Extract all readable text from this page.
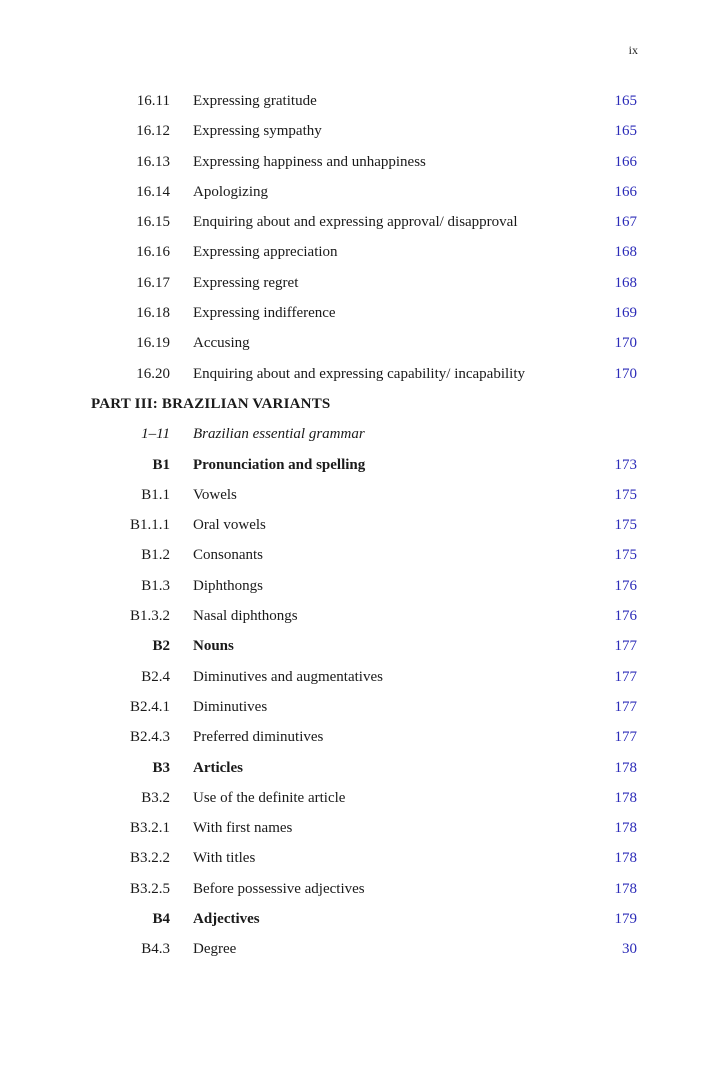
ix
16.11 Expressing gratitude	165
16.12 Expressing sympathy	165
16.13 Expressing happiness and unhappiness	166
16.14 Apologizing	166
16.15 Enquiring about and expressing approval/ disapproval	167
16.16 Expressing appreciation	168
16.17 Expressing regret	168
16.18 Expressing indifference	169
16.19 Accusing	170
16.20 Enquiring about and expressing capability/ incapability	170
PART III: BRAZILIAN VARIANTS
1–11 Brazilian essential grammar
B1 Pronunciation and spelling	173
B1.1 Vowels	175
B1.1.1 Oral vowels	175
B1.2 Consonants	175
B1.3 Diphthongs	176
B1.3.2 Nasal diphthongs	176
B2 Nouns	177
B2.4 Diminutives and augmentatives	177
B2.4.1 Diminutives	177
B2.4.3 Preferred diminutives	177
B3 Articles	178
B3.2 Use of the definite article	178
B3.2.1 With first names	178
B3.2.2 With titles	178
B3.2.5 Before possessive adjectives	178
B4 Adjectives	179
B4.3 Degree	30
